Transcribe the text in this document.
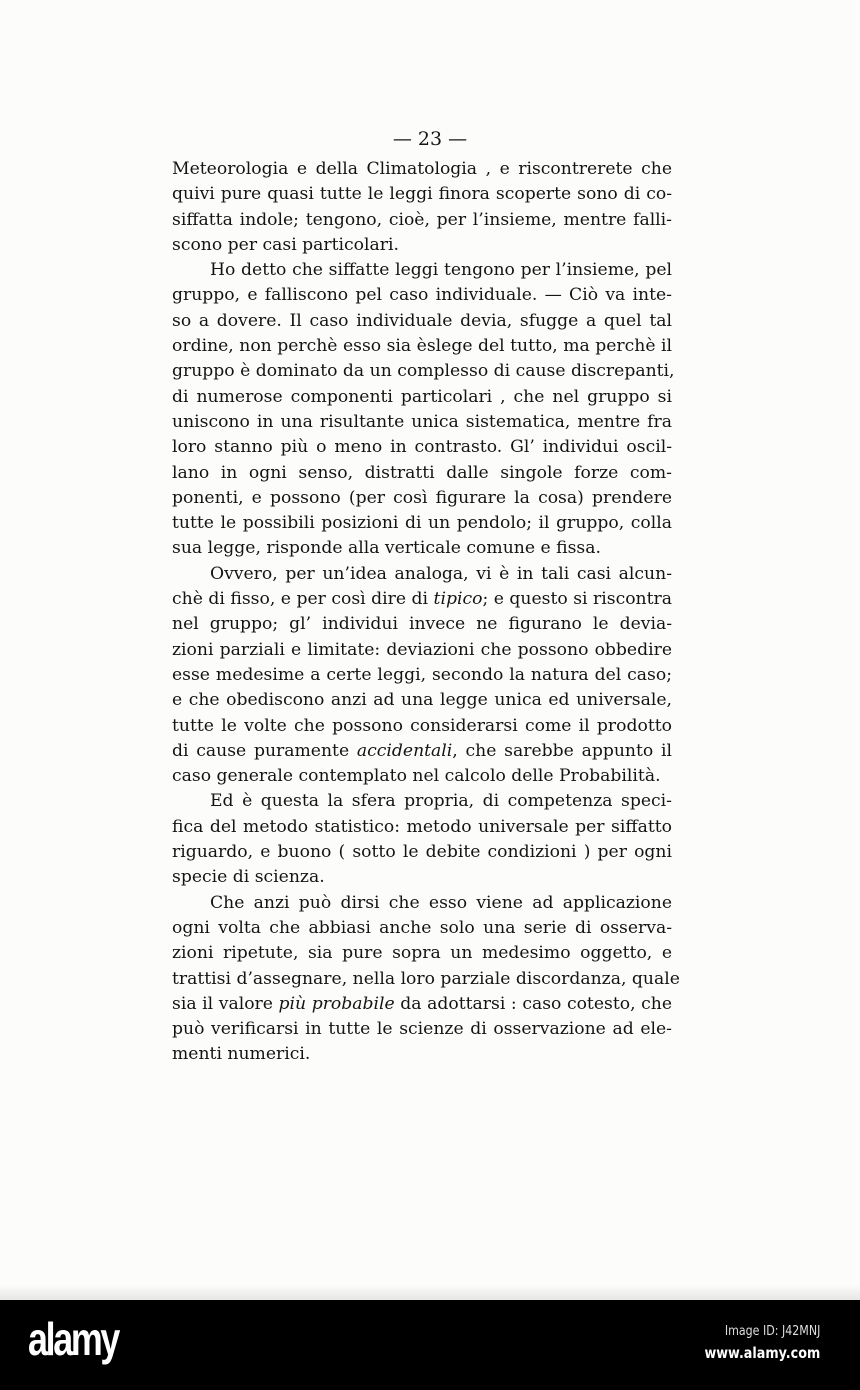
— 23 —
Meteorologia e della Climatologia , e riscontrerete che
quivi pure quasi tutte le leggi finora scoperte sono di co-
siffatta indole; tengono, cioè, per l’insieme, mentre falli-
scono per casi particolari.
Ho detto che siffatte leggi tengono per l’insieme, pel
gruppo, e falliscono pel caso individuale. — Ciò va inte-
so a dovere. Il caso individuale devia, sfugge a quel tal
ordine, non perchè esso sia èslege del tutto, ma perchè il
gruppo è dominato da un complesso di cause discrepanti,
di numerose componenti particolari , che nel gruppo si
uniscono in una risultante unica sistematica, mentre fra
loro stanno più o meno in contrasto. Gl’ individui oscil-
lano in ogni senso, distratti dalle singole forze com-
ponenti, e possono (per così figurare la cosa) prendere
tutte le possibili posizioni di un pendolo; il gruppo, colla
sua legge, risponde alla verticale comune e fissa.
Ovvero, per un’idea analoga, vi è in tali casi alcun-
chè di fisso, e per così dire di tipico; e questo si riscontra
nel gruppo; gl’ individui invece ne figurano le devia-
zioni parziali e limitate: deviazioni che possono obbedire
esse medesime a certe leggi, secondo la natura del caso;
e che obediscono anzi ad una legge unica ed universale,
tutte le volte che possono considerarsi come il prodotto
di cause puramente accidentali, che sarebbe appunto il
caso generale contemplato nel calcolo delle Probabilità.
Ed è questa la sfera propria, di competenza speci-
fica del metodo statistico: metodo universale per siffatto
riguardo, e buono ( sotto le debite condizioni ) per ogni
specie di scienza.
Che anzi può dirsi che esso viene ad applicazione
ogni volta che abbiasi anche solo una serie di osserva-
zioni ripetute, sia pure sopra un medesimo oggetto, e
trattisi d’assegnare, nella loro parziale discordanza, quale
sia il valore più probabile da adottarsi : caso cotesto, che
può verificarsi in tutte le scienze di osservazione ad ele-
menti numerici.
alamy	Image ID: J42MNJ
www.alamy.com
